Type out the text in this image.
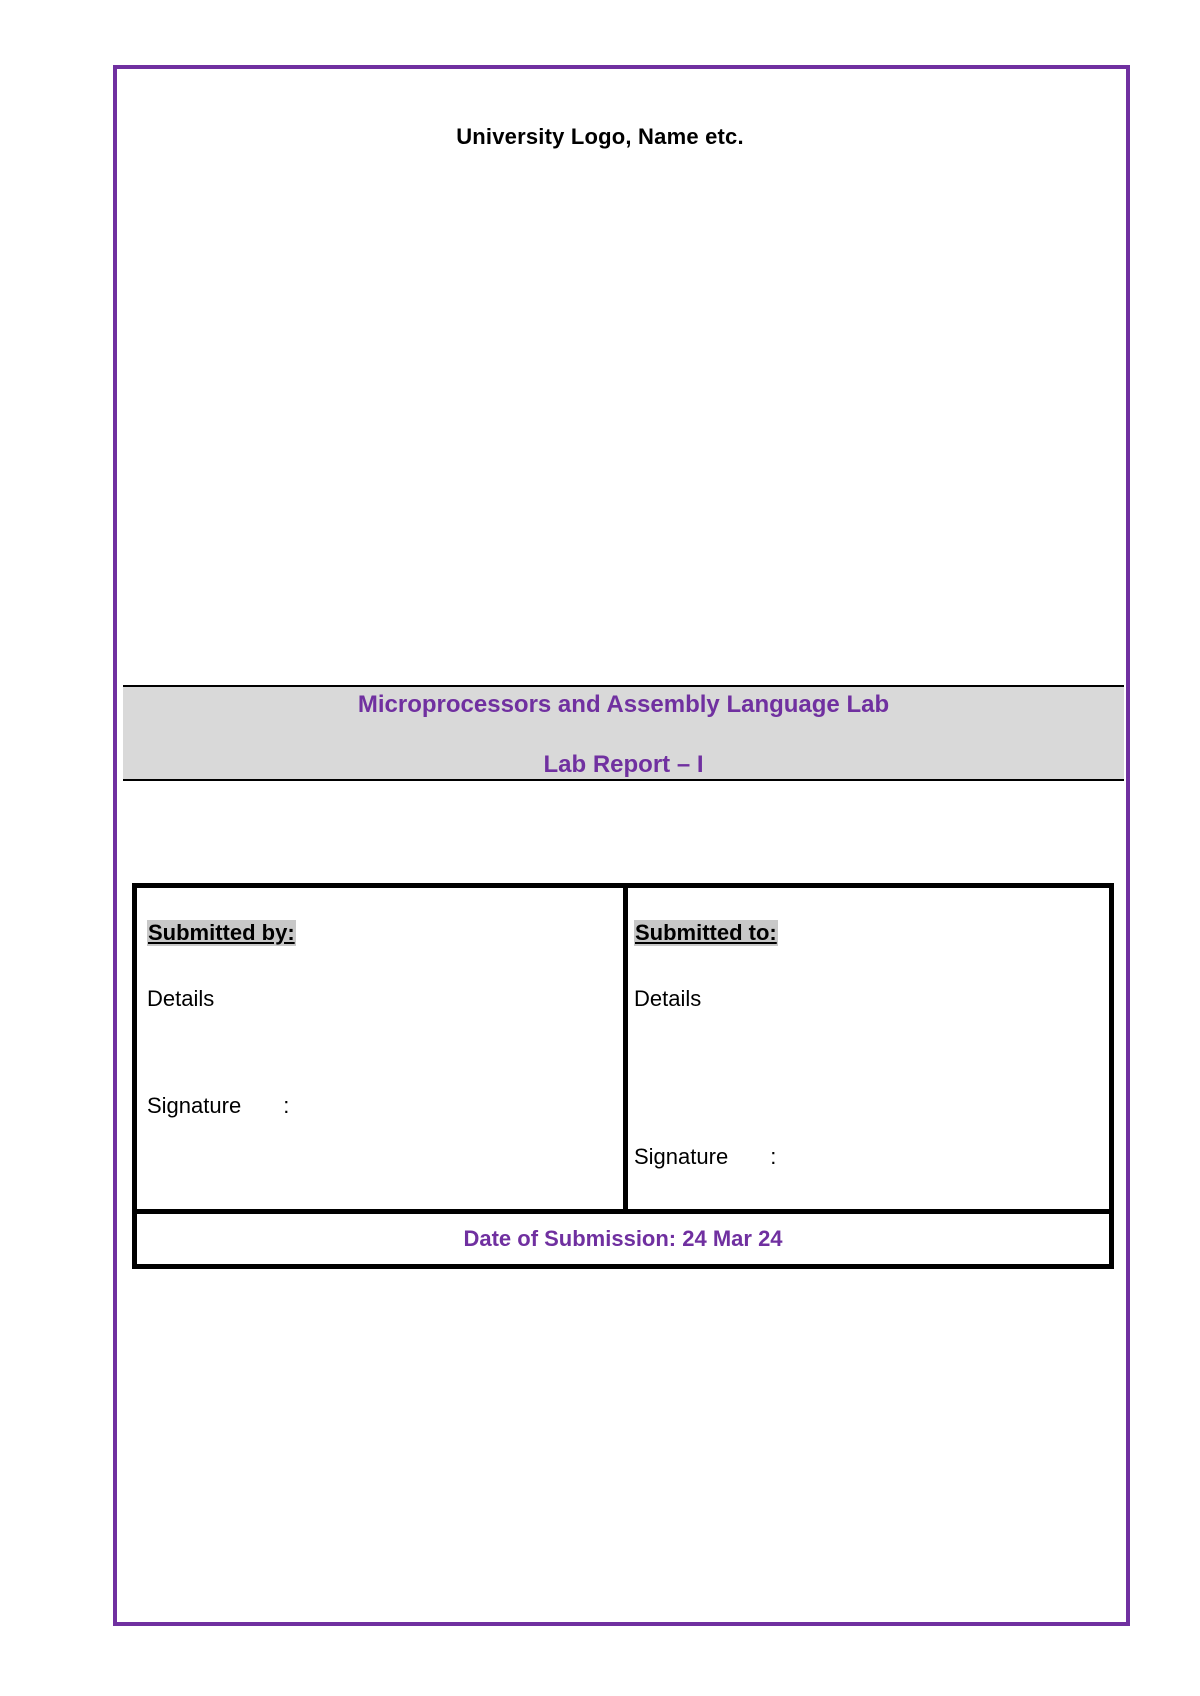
University Logo, Name etc.
Microprocessors and Assembly Language Lab
Lab Report – I
Submitted by:
Details
Signature :
Submitted to:
Details
Signature :
Date of Submission: 24 Mar 24
